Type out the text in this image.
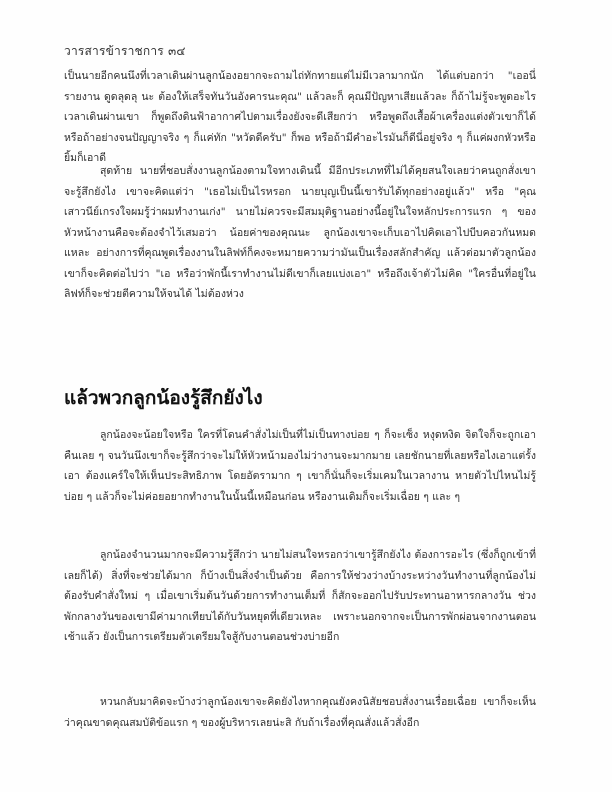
วารสารข้าราชการ ๓๔

เป็นนายอีกคนนึงที่เวลาเดินผ่านลูกน้องอยากจะถามไถ่ทักทายแต่ไม่มีเวลามากนัก ได้แต่บอกว่า "เออนี่ รายงาน ดูดลุดลุ นะ ต้องให้เสร็จทันวันอังคารนะคุณ" แล้วละก็ คุณมีปัญหาเสียแล้วละ ก็ถ้าไม่รู้จะพูดอะไรเวลาเดินผ่านเขา ก็พูดถึงดินฟ้าอากาศไปตามเรื่องยังจะดีเสียกว่า หรือพูดถึงเสื้อผ้าเครื่องแต่งตัวเขาก็ได้ หรือถ้าอย่างจนปัญญาจริง ๆ ก็แค่ทัก "หวัดดีครับ" ก็พอ หรือถ้ามีคำอะไรมันก็ดีนี่อยู่จริง ๆ ก็แค่ผงกหัวหรือยิ้มก็เอาดี

สุดท้าย นายที่ชอบสั่งงานลูกน้องตามใจทางเดินนี้ มีอีกประเภทที่ไม่ได้คุยสนใจเลยว่าคนถูกสั่งเขาจะรู้สึกยังไง เขาจะคิดแต่ว่า "เธอไม่เป็นไรหรอก นายบุญเป็นนี้เขารับได้ทุกอย่างอยู่แล้ว" หรือ "คุณเสาวนีย์เกรงใจผมรู้ว่าผมทำงานเก่ง" นายไม่ควรจะมีสมมุติฐานอย่างนี้อยู่ในใจหลักประการแรก ๆ ของหัวหน้างานคือจะต้องจำไว้เสมอว่า น้อยค่าของคุณนะ ลูกน้องเขาจะเก็บเอาไปคิดเอาไปบีบคอวกันหมดแหละ อย่างการที่คุณพูดเรื่องงานในลิฟท์ก็คงจะหมายความว่ามันเป็นเรื่องสลักสำคัญ แล้วต่อมาตัวลูกน้องเขาก็จะคิดต่อไปว่า "เอ หรือว่าพักนี้เราทำงานไม่ดีเขาก็เลยแบ่งเอา" หรือถึงเจ้าตัวไม่คิด "ใครอื่นที่อยู่ในลิฟท์ก็จะช่วยตีความให้จนได้ ไม่ต้องห่วง

แล้วพวกลูกน้องรู้สึกยังไง

ลูกน้องจะน้อยใจหรือ ใครที่โดนคำสั่งไม่เป็นที่ไม่เป็นทางบ่อย ๆ ก็จะเซ็ง หงุดหงิด จิตใจก็จะถูกเอาคืนเลย ๆ จนวันนึงเขาก็จะรู้สึกว่าจะไม่ให้หัวหน้ามองไม่ว่างานจะมากมาย เลยชักนายที่เลยหรือไงเอาแต่รั้งเอา ต้องแคร์ใจให้เห็นประสิทธิภาพ โดยอัตรามาก ๆ เขาก็นั่นก็จะเริ่มเคมในเวลางาน หายตัวไปไหนไม่รู้บ่อย ๆ แล้วก็จะไม่ค่อยอยากทำงานในนั้นนี้เหมือนก่อน หรืองานเดิมก็จะเริ่มเฉื่อย ๆ และ ๆ

ลูกน้องจำนวนมากจะมีความรู้สึกว่า นายไม่สนใจหรอกว่าเขารู้สึกยังไง ต้องการอะไร (ซึ่งก็ถูกเข้าที่เลยก็ได้) สิ่งที่จะช่วยได้มาก ก็บ้างเป็นสิ่งจำเป็นด้วย คือการให้ช่วงว่างบ้างระหว่างวันทำงานที่ลูกน้องไม่ต้องรับคำสั่งใหม่ ๆ เมื่อเขาเริ่มต้นวันด้วยการทำงานเต็มที่ ก็สักจะออกไปรับประทานอาหารกลางวัน ช่วงพักกลางวันของเขามีค่ามากเทียบได้กับวันหยุดที่เดียวเหละ เพราะนอกจากจะเป็นการพักผ่อนจากงานตอนเช้าแล้ว ยังเป็นการเตรียมตัวเตรียมใจสู้กับงานตอนช่วงบ่ายอีก

หวนกลับมาคิดจะบ้างว่าลูกน้องเขาจะคิดยังไงหากคุณยังคงนิสัยชอบสั่งงานเรื่อยเฉื่อย เขาก็จะเห็นว่าคุณขาดคุณสมบัติข้อแรก ๆ ของผู้บริหารเลยน่ะสิ กับถ้าเรื่องที่คุณสั่งแล้วสั่งอีก
